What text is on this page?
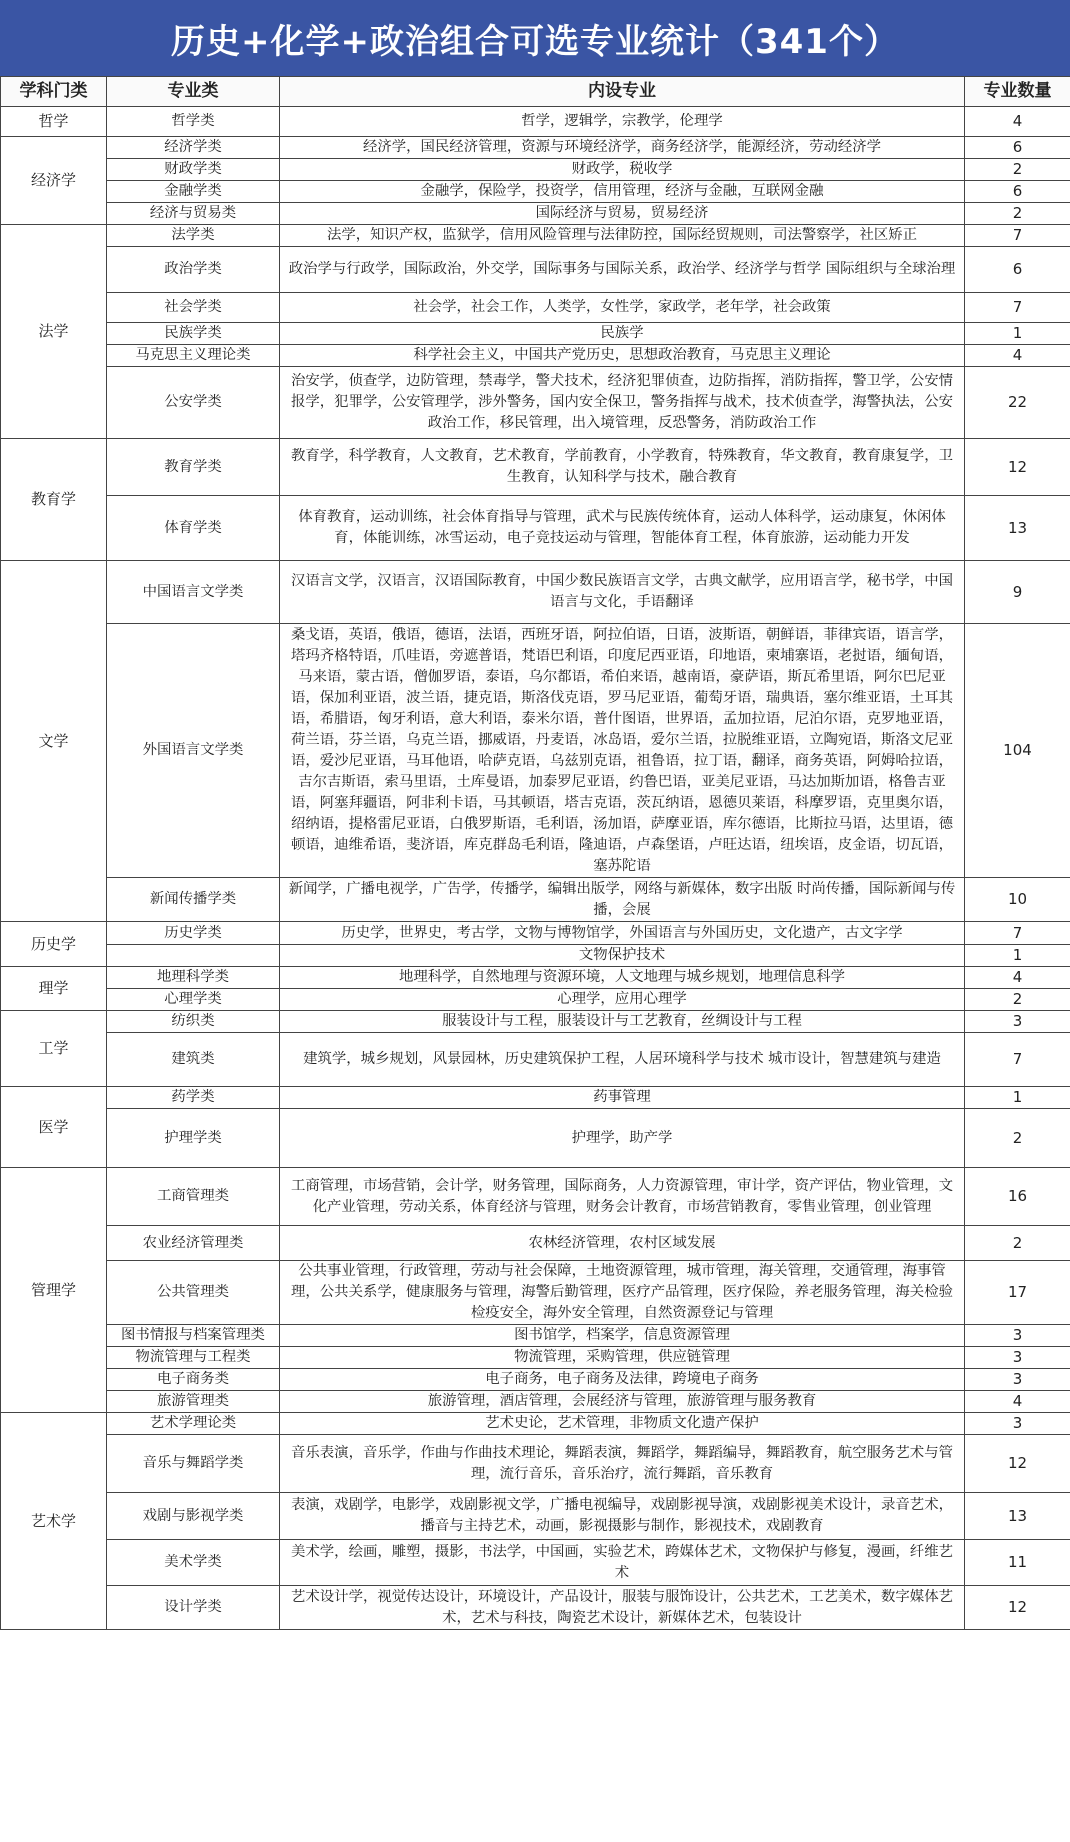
历史+化学+政治组合可选专业统计（341个）
学科门类	专业类	内设专业	专业数量
哲学	哲学类	哲学，逻辑学，宗教学，伦理学	4
经济学	经济学类	经济学，国民经济管理，资源与环境经济学，商务经济学，能源经济，劳动经济学	6
	财政学类	财政学，税收学	2
	金融学类	金融学，保险学，投资学，信用管理，经济与金融，互联网金融	6
	经济与贸易类	国际经济与贸易，贸易经济	2
法学	法学类	法学，知识产权，监狱学，信用风险管理与法律防控，国际经贸规则，司法警察学，社区矫正	7
	政治学类	政治学与行政学，国际政治，外交学，国际事务与国际关系，政治学、经济学与哲学 国际组织与全球治理	6
	社会学类	社会学，社会工作，人类学，女性学，家政学，老年学，社会政策	7
	民族学类	民族学	1
	马克思主义理论类	科学社会主义，中国共产党历史，思想政治教育，马克思主义理论	4
	公安学类	治安学，侦查学，边防管理，禁毒学，警犬技术，经济犯罪侦查，边防指挥，消防指挥，警卫学，公安情报学，犯罪学，公安管理学，涉外警务，国内安全保卫，警务指挥与战术，技术侦查学，海警执法，公安政治工作，移民管理，出入境管理，反恐警务，消防政治工作	22
教育学	教育学类	教育学，科学教育，人文教育，艺术教育，学前教育，小学教育，特殊教育，华文教育，教育康复学，卫生教育，认知科学与技术，融合教育	12
	体育学类	体育教育，运动训练，社会体育指导与管理，武术与民族传统体育，运动人体科学，运动康复，休闲体育，体能训练，冰雪运动，电子竞技运动与管理，智能体育工程，体育旅游，运动能力开发	13
文学	中国语言文学类	汉语言文学，汉语言，汉语国际教育，中国少数民族语言文学，古典文献学，应用语言学，秘书学，中国语言与文化，手语翻译	9
	外国语言文学类	桑戈语，英语，俄语，德语，法语，西班牙语，阿拉伯语，日语，波斯语，朝鲜语，菲律宾语，语言学，塔玛齐格特语，爪哇语，旁遮普语，梵语巴利语，印度尼西亚语，印地语，柬埔寨语，老挝语，缅甸语，马来语，蒙古语，僧伽罗语，泰语，乌尔都语，希伯来语，越南语，豪萨语，斯瓦希里语，阿尔巴尼亚语，保加利亚语，波兰语，捷克语，斯洛伐克语，罗马尼亚语，葡萄牙语，瑞典语，塞尔维亚语，土耳其语，希腊语，匈牙利语，意大利语，泰米尔语，普什图语，世界语，孟加拉语，尼泊尔语，克罗地亚语，荷兰语，芬兰语，乌克兰语，挪威语，丹麦语，冰岛语，爱尔兰语，拉脱维亚语，立陶宛语，斯洛文尼亚语，爱沙尼亚语，马耳他语，哈萨克语，乌兹别克语，祖鲁语，拉丁语，翻译，商务英语，阿姆哈拉语，吉尔吉斯语，索马里语，土库曼语，加泰罗尼亚语，约鲁巴语，亚美尼亚语，马达加斯加语，格鲁吉亚语，阿塞拜疆语，阿非利卡语，马其顿语，塔吉克语，茨瓦纳语，恩德贝莱语，科摩罗语，克里奥尔语，绍纳语，提格雷尼亚语，白俄罗斯语，毛利语，汤加语，萨摩亚语，库尔德语，比斯拉马语，达里语，德顿语，迪维希语，斐济语，库克群岛毛利语，隆迪语，卢森堡语，卢旺达语，纽埃语，皮金语，切瓦语，塞苏陀语	104
	新闻传播学类	新闻学，广播电视学，广告学，传播学，编辑出版学，网络与新媒体，数字出版 时尚传播，国际新闻与传播，会展	10
历史学	历史学类	历史学，世界史，考古学，文物与博物馆学，外国语言与外国历史，文化遗产，古文字学	7
		文物保护技术	1
理学	地理科学类	地理科学，自然地理与资源环境，人文地理与城乡规划，地理信息科学	4
	心理学类	心理学，应用心理学	2
工学	纺织类	服装设计与工程，服装设计与工艺教育，丝绸设计与工程	3
	建筑类	建筑学，城乡规划，风景园林，历史建筑保护工程，人居环境科学与技术 城市设计，智慧建筑与建造	7
医学	药学类	药事管理	1
	护理学类	护理学，助产学	2
管理学	工商管理类	工商管理，市场营销，会计学，财务管理，国际商务，人力资源管理，审计学，资产评估，物业管理，文化产业管理，劳动关系，体育经济与管理，财务会计教育，市场营销教育，零售业管理，创业管理	16
	农业经济管理类	农林经济管理，农村区域发展	2
	公共管理类	公共事业管理，行政管理，劳动与社会保障，土地资源管理，城市管理，海关管理，交通管理，海事管理，公共关系学，健康服务与管理，海警后勤管理，医疗产品管理，医疗保险，养老服务管理，海关检验检疫安全，海外安全管理，自然资源登记与管理	17
	图书情报与档案管理类	图书馆学，档案学，信息资源管理	3
	物流管理与工程类	物流管理，采购管理，供应链管理	3
	电子商务类	电子商务，电子商务及法律，跨境电子商务	3
	旅游管理类	旅游管理，酒店管理，会展经济与管理，旅游管理与服务教育	4
艺术学	艺术学理论类	艺术史论，艺术管理，非物质文化遗产保护	3
	音乐与舞蹈学类	音乐表演，音乐学，作曲与作曲技术理论，舞蹈表演，舞蹈学，舞蹈编导，舞蹈教育，航空服务艺术与管理，流行音乐，音乐治疗，流行舞蹈，音乐教育	12
	戏剧与影视学类	表演，戏剧学，电影学，戏剧影视文学，广播电视编导，戏剧影视导演，戏剧影视美术设计，录音艺术，播音与主持艺术，动画，影视摄影与制作，影视技术，戏剧教育	13
	美术学类	美术学，绘画，雕塑，摄影，书法学，中国画，实验艺术，跨媒体艺术，文物保护与修复，漫画，纤维艺术	11
	设计学类	艺术设计学，视觉传达设计，环境设计，产品设计，服装与服饰设计，公共艺术，工艺美术，数字媒体艺术，艺术与科技，陶瓷艺术设计，新媒体艺术，包装设计	12
